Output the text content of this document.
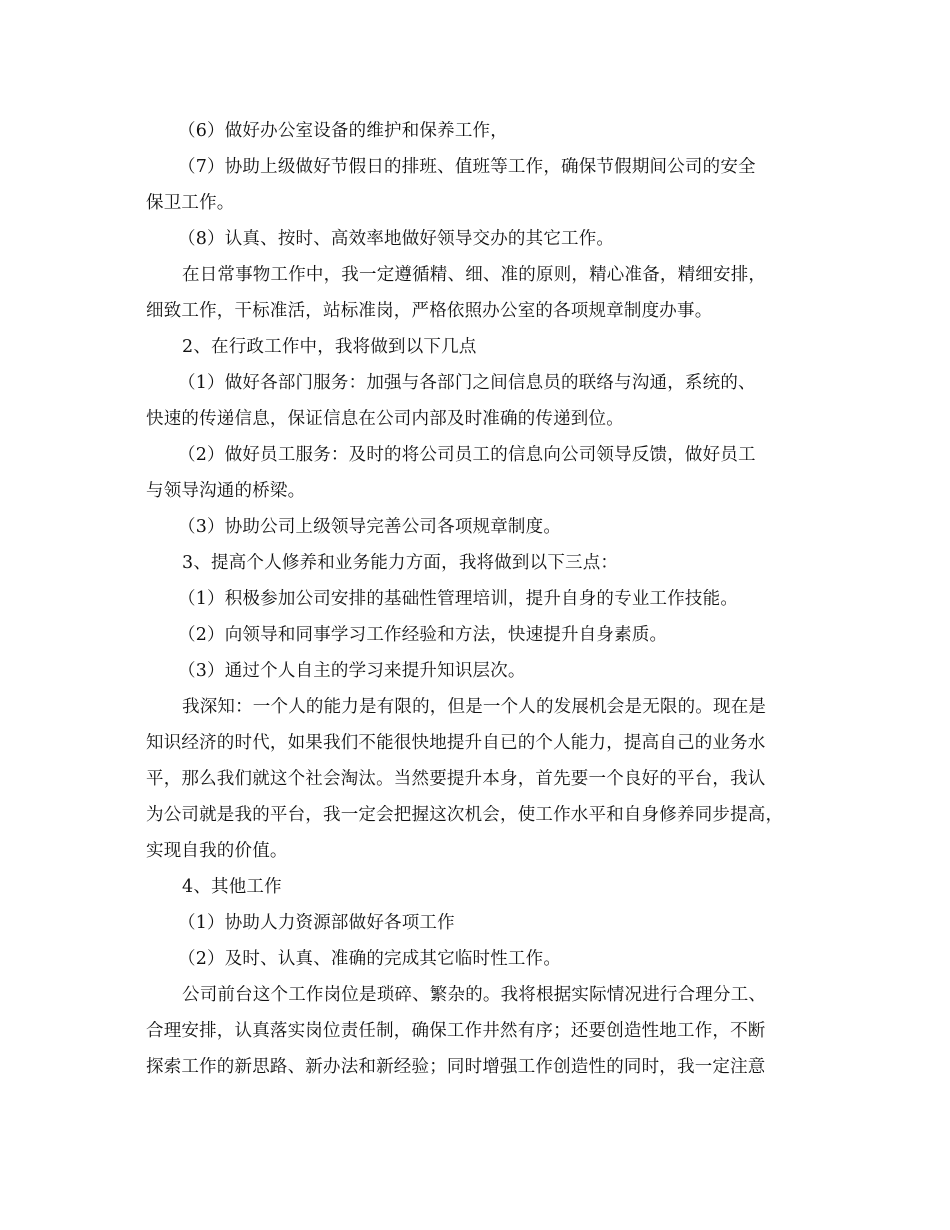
（6）做好办公室设备的维护和保养工作，
（7）协助上级做好节假日的排班、值班等工作，确保节假期间公司的安全
保卫工作。
（8）认真、按时、高效率地做好领导交办的其它工作。
在日常事物工作中，我一定遵循精、细、准的原则，精心准备，精细安排，
细致工作，干标准活，站标准岗，严格依照办公室的各项规章制度办事。
2、在行政工作中，我将做到以下几点
（1）做好各部门服务：加强与各部门之间信息员的联络与沟通，系统的、
快速的传递信息，保证信息在公司内部及时准确的传递到位。
（2）做好员工服务：及时的将公司员工的信息向公司领导反馈，做好员工
与领导沟通的桥梁。
（3）协助公司上级领导完善公司各项规章制度。
3、提高个人修养和业务能力方面，我将做到以下三点：
（1）积极参加公司安排的基础性管理培训，提升自身的专业工作技能。
（2）向领导和同事学习工作经验和方法，快速提升自身素质。
（3）通过个人自主的学习来提升知识层次。
我深知：一个人的能力是有限的，但是一个人的发展机会是无限的。现在是
知识经济的时代，如果我们不能很快地提升自已的个人能力，提高自己的业务水
平，那么我们就这个社会淘汰。当然要提升本身，首先要一个良好的平台，我认
为公司就是我的平台，我一定会把握这次机会，使工作水平和自身修养同步提高，
实现自我的价值。
4、其他工作
（1）协助人力资源部做好各项工作
（2）及时、认真、准确的完成其它临时性工作。
公司前台这个工作岗位是琐碎、繁杂的。我将根据实际情况进行合理分工、
合理安排，认真落实岗位责任制，确保工作井然有序；还要创造性地工作，不断
探索工作的新思路、新办法和新经验；同时增强工作创造性的同时，我一定注意
